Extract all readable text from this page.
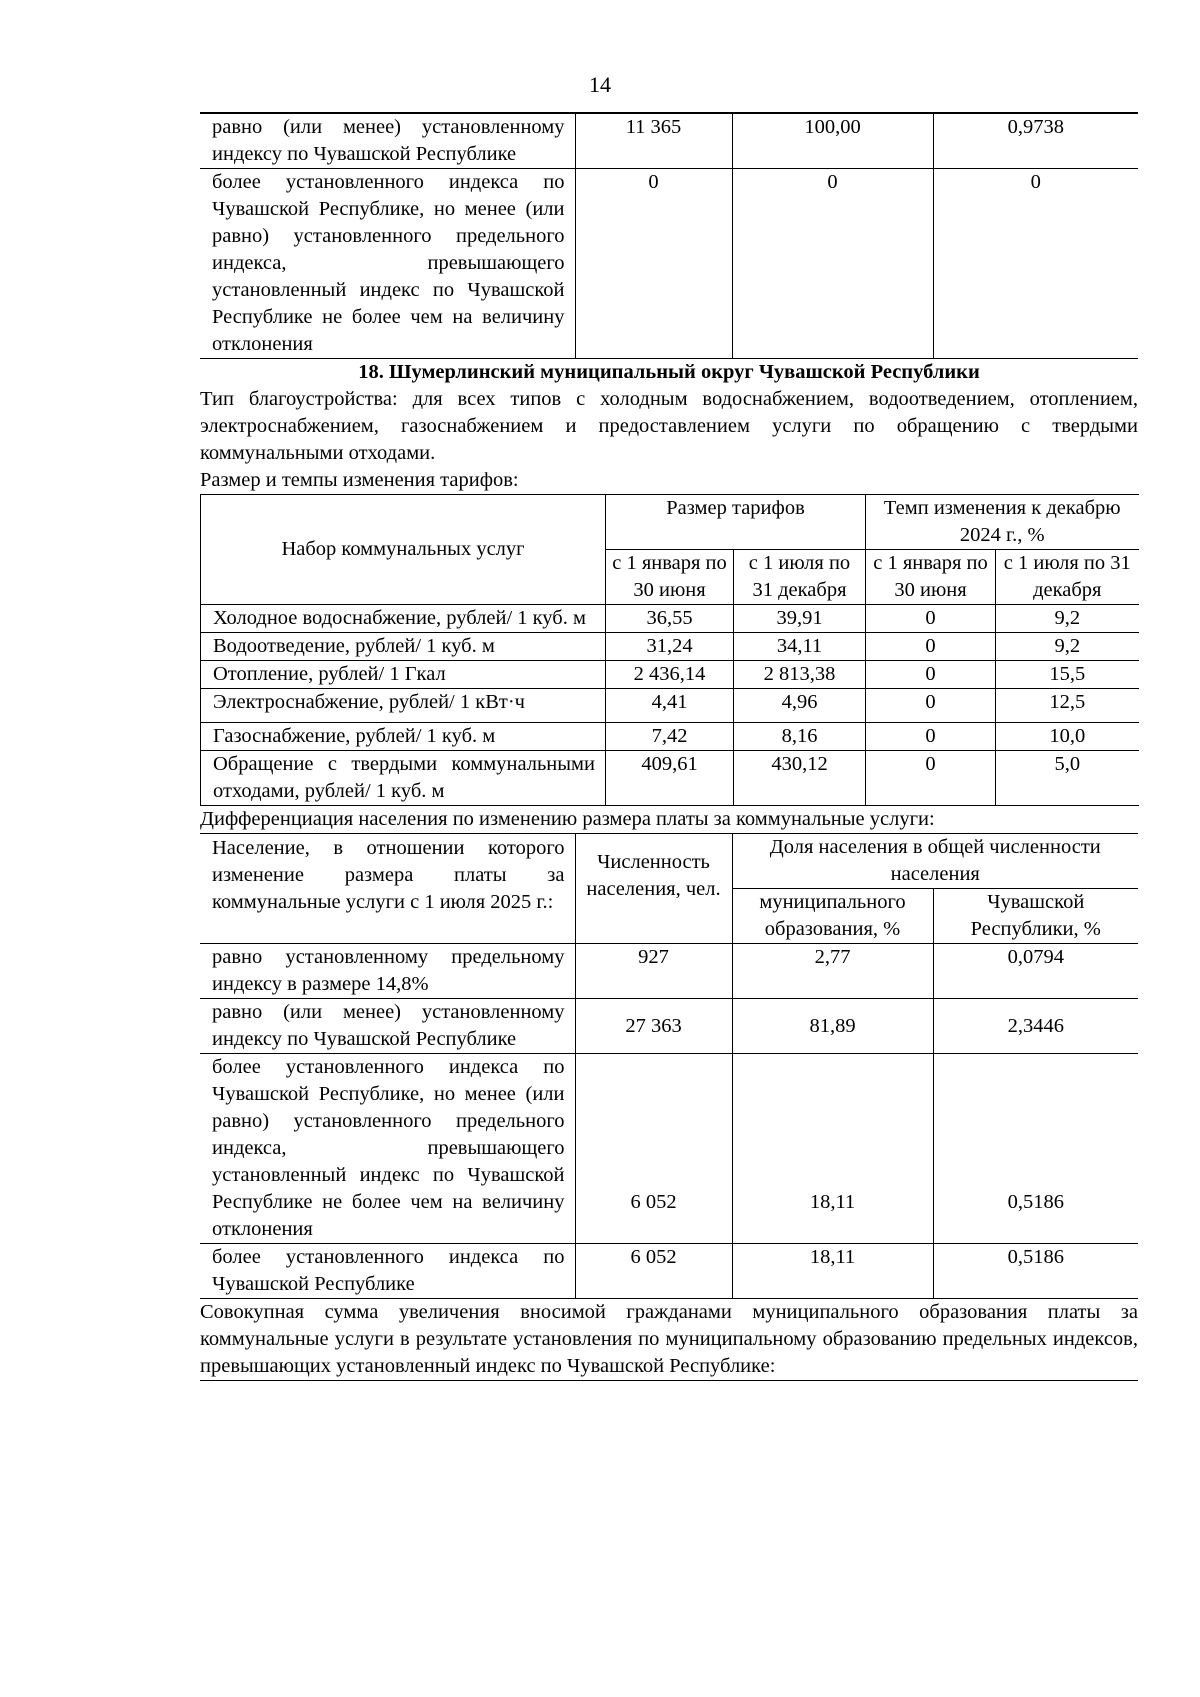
14
равно (или менее) установленному индексу по Чувашской Республике	11 365	100,00	0,9738
более установленного индекса по Чувашской Республике, но менее (или равно) установленного предельного индекса, превышающего установленный индекс по Чувашской Республике не более чем на величину отклонения	0	0	0
18. Шумерлинский муниципальный округ Чувашской Республики
Тип благоустройства: для всех типов с холодным водоснабжением, водоотведением, отоплением, электроснабжением, газоснабжением и предоставлением услуги по обращению с твердыми коммунальными отходами.
Размер и темпы изменения тарифов:
Набор коммунальных услуг	Размер тарифов		Темп изменения к декабрю 2024 г., %	
	с 1 января по 30 июня	с 1 июля по 31 декабря	с 1 января по 30 июня	с 1 июля по 31 декабря
Холодное водоснабжение, рублей/ 1 куб. м	36,55	39,91	0	9,2
Водоотведение, рублей/ 1 куб. м	31,24	34,11	0	9,2
Отопление, рублей/ 1 Гкал	2 436,14	2 813,38	0	15,5
Электроснабжение, рублей/ 1 кВт·ч	4,41	4,96	0	12,5
Газоснабжение, рублей/ 1 куб. м	7,42	8,16	0	10,0
Обращение с твердыми коммунальными отходами, рублей/ 1 куб. м	409,61	430,12	0	5,0
Дифференциация населения по изменению размера платы за коммунальные услуги:
Население, в отношении которого изменение размера платы за коммунальные услуги с 1 июля 2025 г.:	Численность населения, чел.	Доля населения в общей численности населения	
		муниципального образования, %	Чувашской Республики, %
равно установленному предельному индексу в размере 14,8%	927	2,77	0,0794
равно (или менее) установленному индексу по Чувашской Республике	27 363	81,89	2,3446
более установленного индекса по Чувашской Республике, но менее (или равно) установленного предельного индекса, превышающего установленный индекс по Чувашской Республике не более чем на величину отклонения	6 052	18,11	0,5186
более установленного индекса по Чувашской Республике	6 052	18,11	0,5186
Совокупная сумма увеличения вносимой гражданами муниципального образования платы за коммунальные услуги в результате установления по муниципальному образованию предельных индексов, превышающих установленный индекс по Чувашской Республике:
